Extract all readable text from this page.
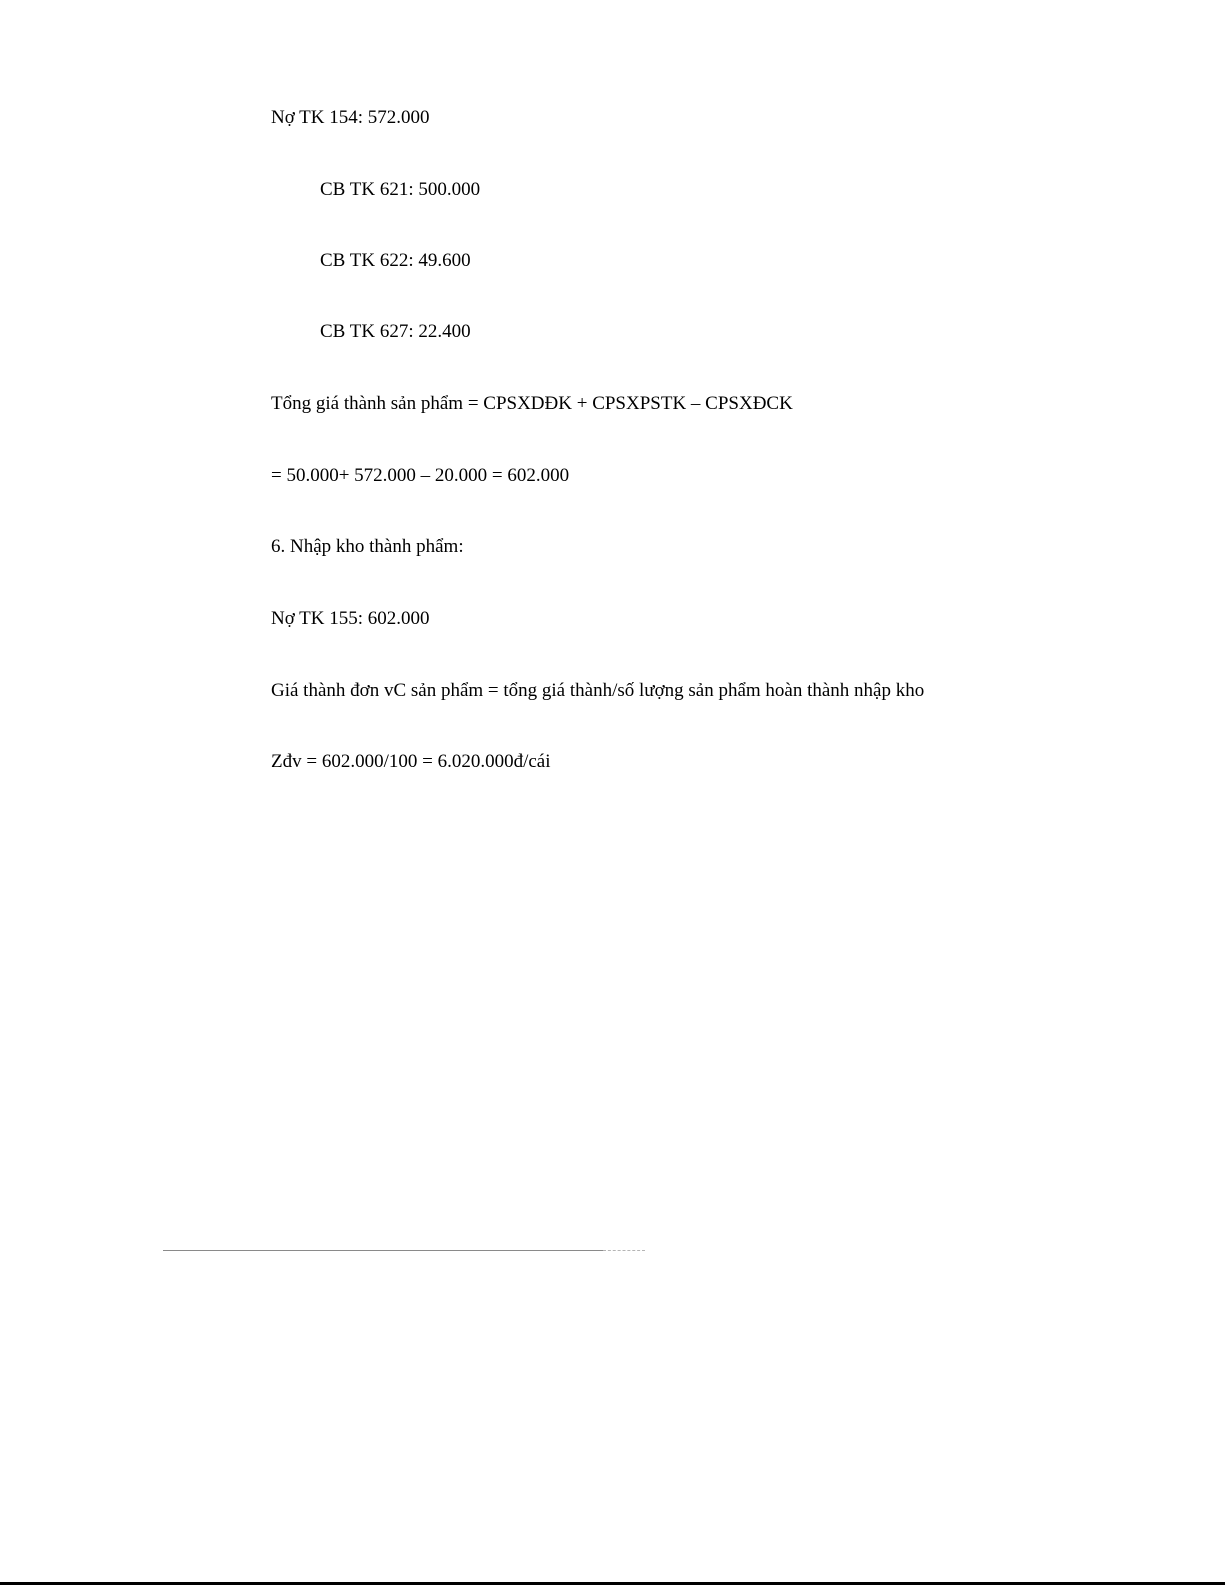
Nợ TK 154: 572.000
CB TK 621: 500.000
CB TK 622: 49.600
CB TK 627: 22.400
Tổng giá thành sản phẩm = CPSXDĐK + CPSXPSTK – CPSXĐCK
= 50.000+ 572.000 – 20.000 = 602.000
6. Nhập kho thành phẩm:
Nợ TK 155: 602.000
Giá thành đơn vC sản phẩm = tổng giá thành/số lượng sản phẩm hoàn thành nhập kho
Zđv = 602.000/100 = 6.020.000đ/cái
